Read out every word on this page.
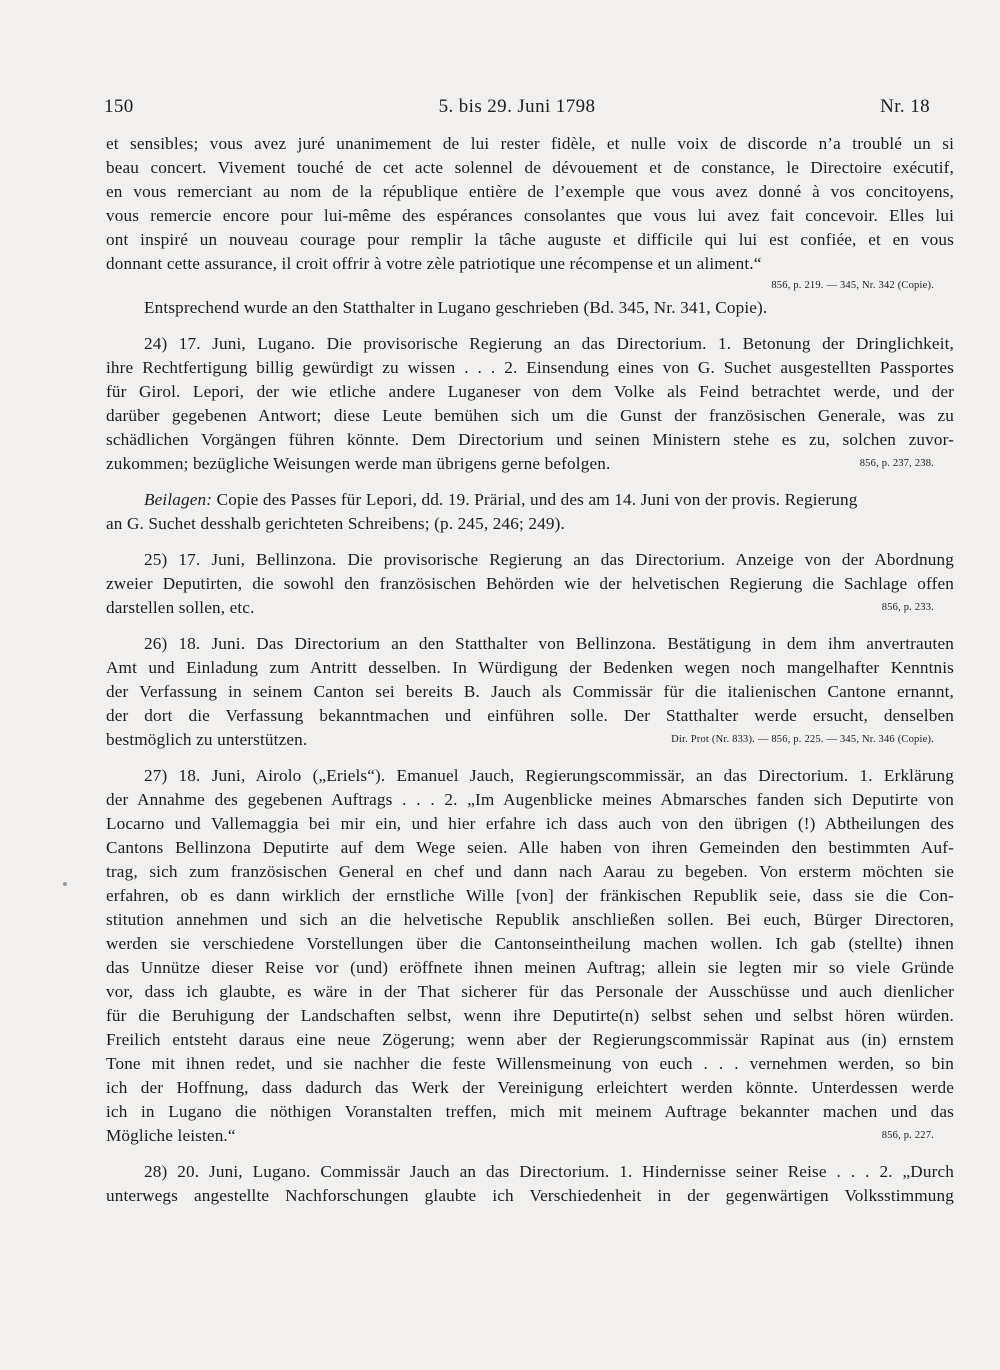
5. bis 29. Juni 1798
150	Nr. 18
et sensibles; vous avez juré unanimement de lui rester fidèle, et nulle voix de discorde n’a troublé un si
beau concert. Vivement touché de cet acte solennel de dévouement et de constance, le Directoire exécutif,
en vous remerciant au nom de la république entière de l’exemple que vous avez donné à vos concitoyens,
vous remercie encore pour lui-même des espérances consolantes que vous lui avez fait concevoir. Elles lui
ont inspiré un nouveau courage pour remplir la tâche auguste et difficile qui lui est confiée, et en vous
donnant cette assurance, il croit offrir à votre zèle patriotique une récompense et un aliment.“
856, p. 219. — 345, Nr. 342 (Copie).
Entsprechend wurde an den Statthalter in Lugano geschrieben (Bd. 345, Nr. 341, Copie).
24) 17. Juni, Lugano. Die provisorische Regierung an das Directorium. 1. Betonung der Dringlichkeit,
ihre Rechtfertigung billig gewürdigt zu wissen . . . 2. Einsendung eines von G. Suchet ausgestellten Passportes
für Girol. Lepori, der wie etliche andere Luganeser von dem Volke als Feind betrachtet werde, und der
darüber gegebenen Antwort; diese Leute bemühen sich um die Gunst der französischen Generale, was zu
schädlichen Vorgängen führen könnte. Dem Directorium und seinen Ministern stehe es zu, solchen zuvor-
zukommen; bezügliche Weisungen werde man übrigens gerne befolgen.	856, p. 237, 238.
Beilagen: Copie des Passes für Lepori, dd. 19. Prärial, und des am 14. Juni von der provis. Regierung
an G. Suchet desshalb gerichteten Schreibens; (p. 245, 246; 249).
25) 17. Juni, Bellinzona. Die provisorische Regierung an das Directorium. Anzeige von der Abordnung
zweier Deputirten, die sowohl den französischen Behörden wie der helvetischen Regierung die Sachlage offen
darstellen sollen, etc.	856, p. 233.
26) 18. Juni. Das Directorium an den Statthalter von Bellinzona. Bestätigung in dem ihm anvertrauten
Amt und Einladung zum Antritt desselben. In Würdigung der Bedenken wegen noch mangelhafter Kenntnis
der Verfassung in seinem Canton sei bereits B. Jauch als Commissär für die italienischen Cantone ernannt,
der dort die Verfassung bekanntmachen und einführen solle. Der Statthalter werde ersucht, denselben
bestmöglich zu unterstützen.	Dir. Prot (Nr. 833). — 856, p. 225. — 345, Nr. 346 (Copie).
27) 18. Juni, Airolo („Eriels“). Emanuel Jauch, Regierungscommissär, an das Directorium. 1. Erklärung
der Annahme des gegebenen Auftrags . . . 2. „Im Augenblicke meines Abmarsches fanden sich Deputirte von
Locarno und Vallemaggia bei mir ein, und hier erfahre ich dass auch von den übrigen (!) Abtheilungen des
Cantons Bellinzona Deputirte auf dem Wege seien. Alle haben von ihren Gemeinden den bestimmten Auf-
trag, sich zum französischen General en chef und dann nach Aarau zu begeben. Von ersterm möchten sie
erfahren, ob es dann wirklich der ernstliche Wille [von] der fränkischen Republik seie, dass sie die Con-
stitution annehmen und sich an die helvetische Republik anschließen sollen. Bei euch, Bürger Directoren,
werden sie verschiedene Vorstellungen über die Cantonseintheilung machen wollen. Ich gab (stellte) ihnen
das Unnütze dieser Reise vor (und) eröffnete ihnen meinen Auftrag; allein sie legten mir so viele Gründe
vor, dass ich glaubte, es wäre in der That sicherer für das Personale der Ausschüsse und auch dienlicher
für die Beruhigung der Landschaften selbst, wenn ihre Deputirte(n) selbst sehen und selbst hören würden.
Freilich entsteht daraus eine neue Zögerung; wenn aber der Regierungscommissär Rapinat aus (in) ernstem
Tone mit ihnen redet, und sie nachher die feste Willensmeinung von euch . . . vernehmen werden, so bin
ich der Hoffnung, dass dadurch das Werk der Vereinigung erleichtert werden könnte. Unterdessen werde
ich in Lugano die nöthigen Voranstalten treffen, mich mit meinem Auftrage bekannter machen und das
Mögliche leisten.“	856, p. 227.
28) 20. Juni, Lugano. Commissär Jauch an das Directorium. 1. Hindernisse seiner Reise . . . 2. „Durch
unterwegs angestellte Nachforschungen glaubte ich Verschiedenheit in der gegenwärtigen Volksstimmung
